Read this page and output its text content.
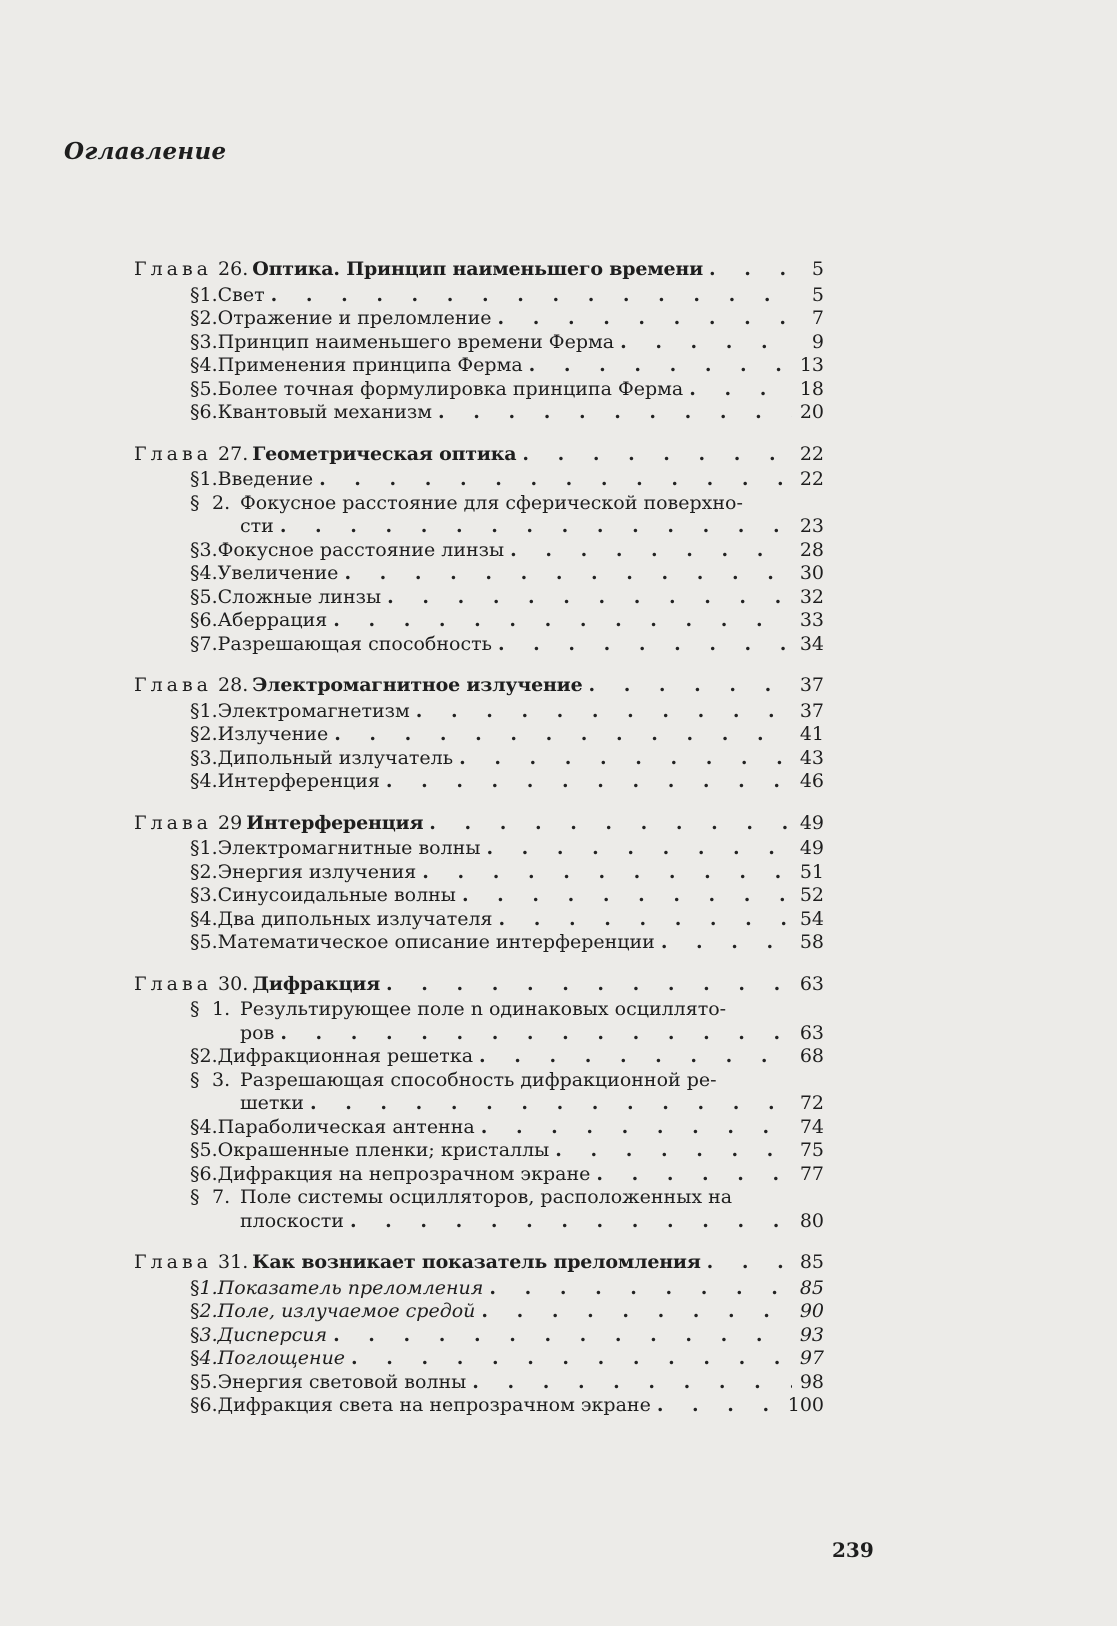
Оглавление
Глава 26. Оптика. Принцип наименьшего времени . . .	5
§ 1. Свет . . .	5
§ 2. Отражение и преломление . . .	7
§ 3. Принцип наименьшего времени Ферма . . .	9
§ 4. Применения принципа Ферма . . .	13
§ 5. Более точная формулировка принципа Ферма . . .	18
§ 6. Квантовый механизм . . .	20
Глава 27. Геометрическая оптика . . .	22
§ 1. Введение . . .	22
§ 2. Фокусное расстояние для сферической поверхно-
сти . . .	23
§ 3. Фокусное расстояние линзы . . .	28
§ 4. Увеличение . . .	30
§ 5. Сложные линзы . . .	32
§ 6. Аберрация . . .	33
§ 7. Разрешающая способность . . .	34
Глава 28. Электромагнитное излучение . . .	37
§ 1. Электромагнетизм . . .	37
§ 2. Излучение . . .	41
§ 3. Дипольный излучатель . . .	43
§ 4. Интерференция . . .	46
Глава 29 Интерференция . . .	49
§ 1. Электромагнитные волны . . .	49
§ 2. Энергия излучения . . .	51
§ 3. Синусоидальные волны . . .	52
§ 4. Два дипольных излучателя . . .	54
§ 5. Математическое описание интерференции . . .	58
Глава 30. Дифракция . . .	63
§ 1. Результирующее поле n одинаковых осциллято-
ров . . .	63
§ 2. Дифракционная решетка . . .	68
§ 3. Разрешающая способность дифракционной ре-
шетки . . .	72
§ 4. Параболическая антенна . . .	74
§ 5. Окрашенные пленки; кристаллы . . .	75
§ 6. Дифракция на непрозрачном экране . . .	77
§ 7. Поле системы осцилляторов, расположенных на
плоскости . . .	80
Глава 31. Как возникает показатель преломления . . .	85
§ 1. Показатель преломления . . .	85
§ 2. Поле, излучаемое средой . . .	90
§ 3. Дисперсия . . .	93
§ 4. Поглощение . . .	97
§ 5. Энергия световой волны . . .	98
§ 6. Дифракция света на непрозрачном экране . . .	100
239
